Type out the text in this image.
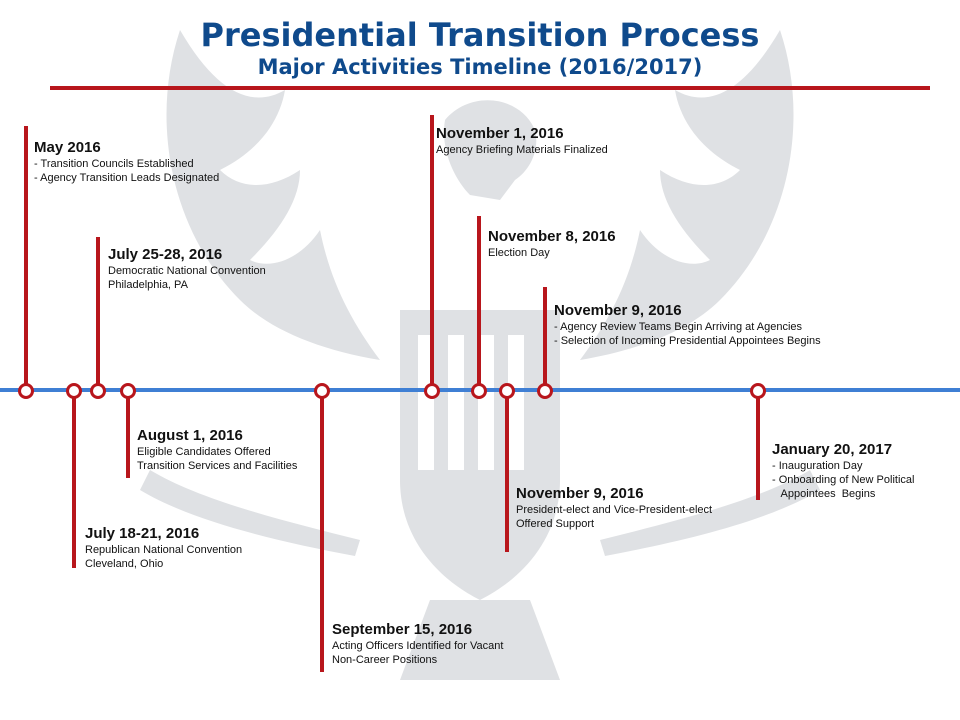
Presidential Transition Process
Major Activities Timeline (2016/2017)
May 2016
- Transition Councils Established
- Agency Transition Leads Designated
July 18-21, 2016
Republican National Convention
Cleveland, Ohio
July 25-28, 2016
Democratic National Convention
Philadelphia, PA
August 1, 2016
Eligible Candidates Offered
Transition Services and Facilities
September 15, 2016
Acting Officers Identified for Vacant
Non-Career Positions
November 1, 2016
Agency Briefing Materials Finalized
November 8, 2016
Election Day
November 9, 2016
President-elect and Vice-President-elect
Offered Support
November 9, 2016
- Agency Review Teams Begin Arriving at Agencies
- Selection of Incoming Presidential Appointees Begins
January 20, 2017
- Inauguration Day
- Onboarding of New Political
Appointees  Begins
